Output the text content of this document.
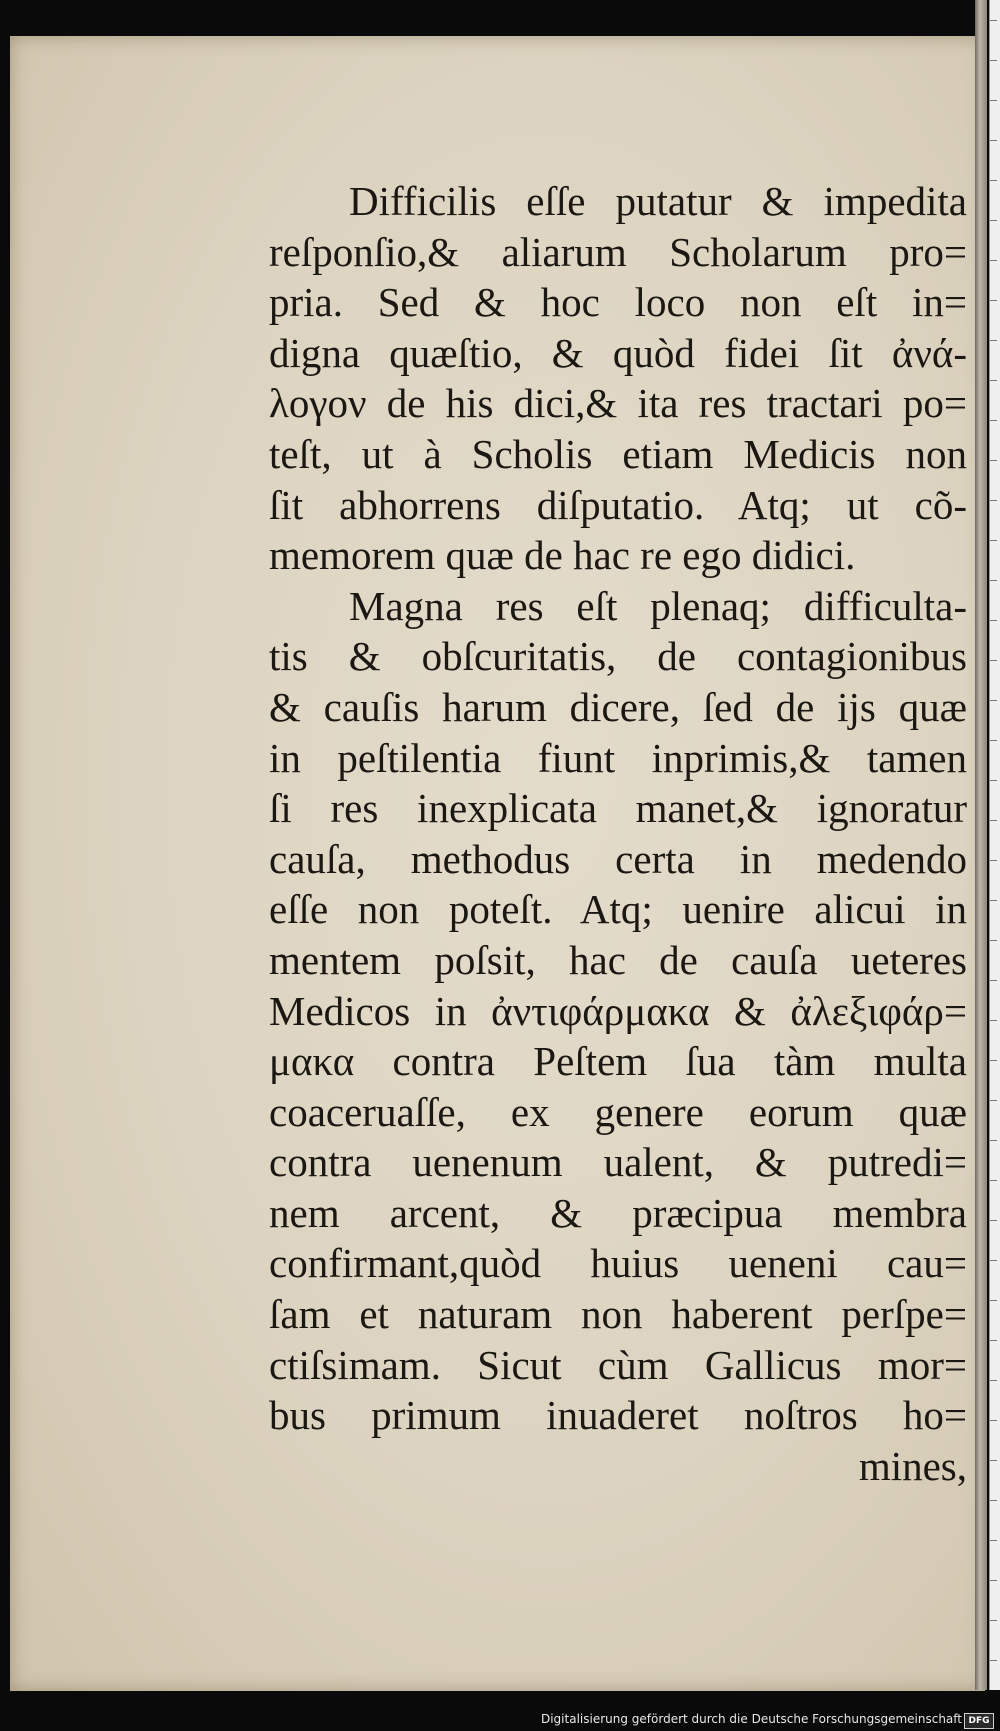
Difficilis eſſe putatur & impedita
reſponſio,& aliarum Scholarum pro=
pria. Sed & hoc loco non eſt in=
digna quæſtio, & quòd fidei ſit ἀνά-
λογον de his dici,& ita res tractari po=
teſt, ut à Scholis etiam Medicis non
ſit abhorrens diſputatio. Atq; ut cõ-
memorem quæ de hac re ego didici.
Magna res eſt plenaq; difficulta-
tis & obſcuritatis, de contagionibus
& cauſis harum dicere, ſed de ijs quæ
in peſtilentia fiunt inprimis,& tamen
ſi res inexplicata manet,& ignoratur
cauſa, methodus certa in medendo
eſſe non poteſt. Atq; uenire alicui in
mentem poſsit, hac de cauſa ueteres
Medicos in ἀντιφάρμακα & ἀλεξιφάρ=
μακα contra Peſtem ſua tàm multa
coaceruaſſe, ex genere eorum quæ
contra uenenum ualent, & putredi=
nem arcent, & præcipua membra
confirmant,quòd huius ueneni cau=
ſam et naturam non haberent perſpe=
ctiſsimam. Sicut cùm Gallicus mor=
bus primum inuaderet noſtros ho=
mines,
Digitalisierung gefördert durch die Deutsche Forschungsgemeinschaft DFG
